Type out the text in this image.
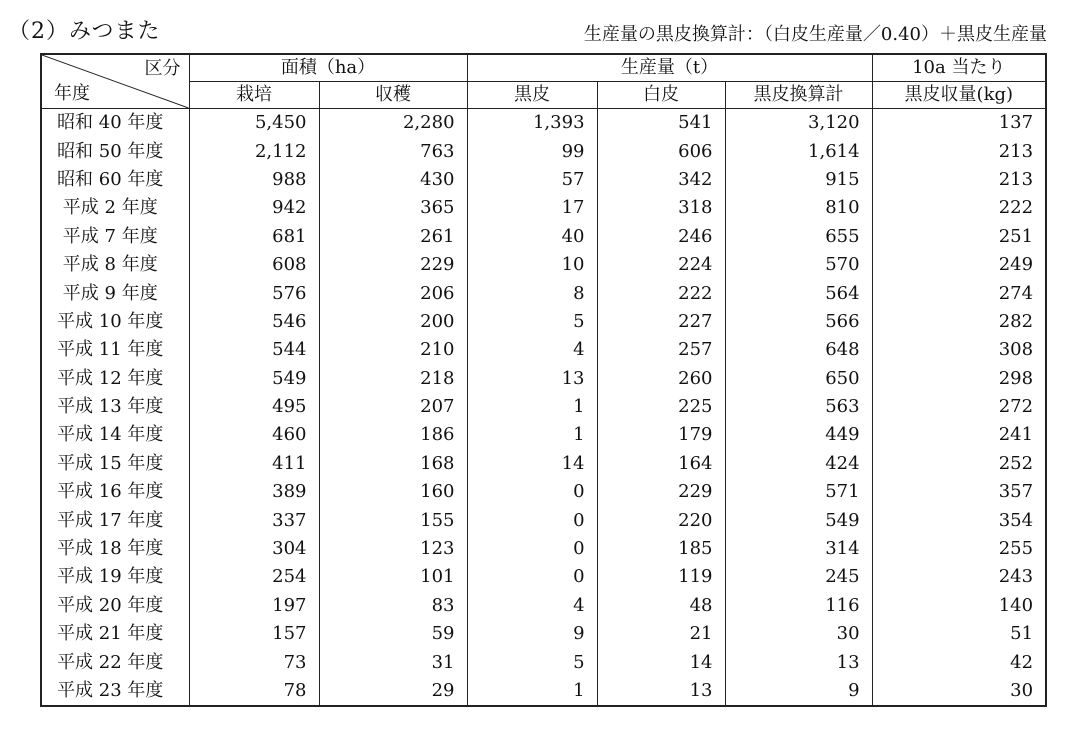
（2）みつまた	生産量の黒皮換算計：（白皮生産量／0.40）＋黒皮生産量
区分
年度	面積（ha）		生産量（t）			10a 当たり
	栽培	収穫	黒皮	白皮	黒皮換算計	黒皮収量(kg)
昭和 40 年度	5,450	2,280	1,393	541	3,120	137
昭和 50 年度	2,112	763	99	606	1,614	213
昭和 60 年度	988	430	57	342	915	213
平成 2 年度	942	365	17	318	810	222
平成 7 年度	681	261	40	246	655	251
平成 8 年度	608	229	10	224	570	249
平成 9 年度	576	206	8	222	564	274
平成 10 年度	546	200	5	227	566	282
平成 11 年度	544	210	4	257	648	308
平成 12 年度	549	218	13	260	650	298
平成 13 年度	495	207	1	225	563	272
平成 14 年度	460	186	1	179	449	241
平成 15 年度	411	168	14	164	424	252
平成 16 年度	389	160	0	229	571	357
平成 17 年度	337	155	0	220	549	354
平成 18 年度	304	123	0	185	314	255
平成 19 年度	254	101	0	119	245	243
平成 20 年度	197	83	4	48	116	140
平成 21 年度	157	59	9	21	30	51
平成 22 年度	73	31	5	14	13	42
平成 23 年度	78	29	1	13	9	30
